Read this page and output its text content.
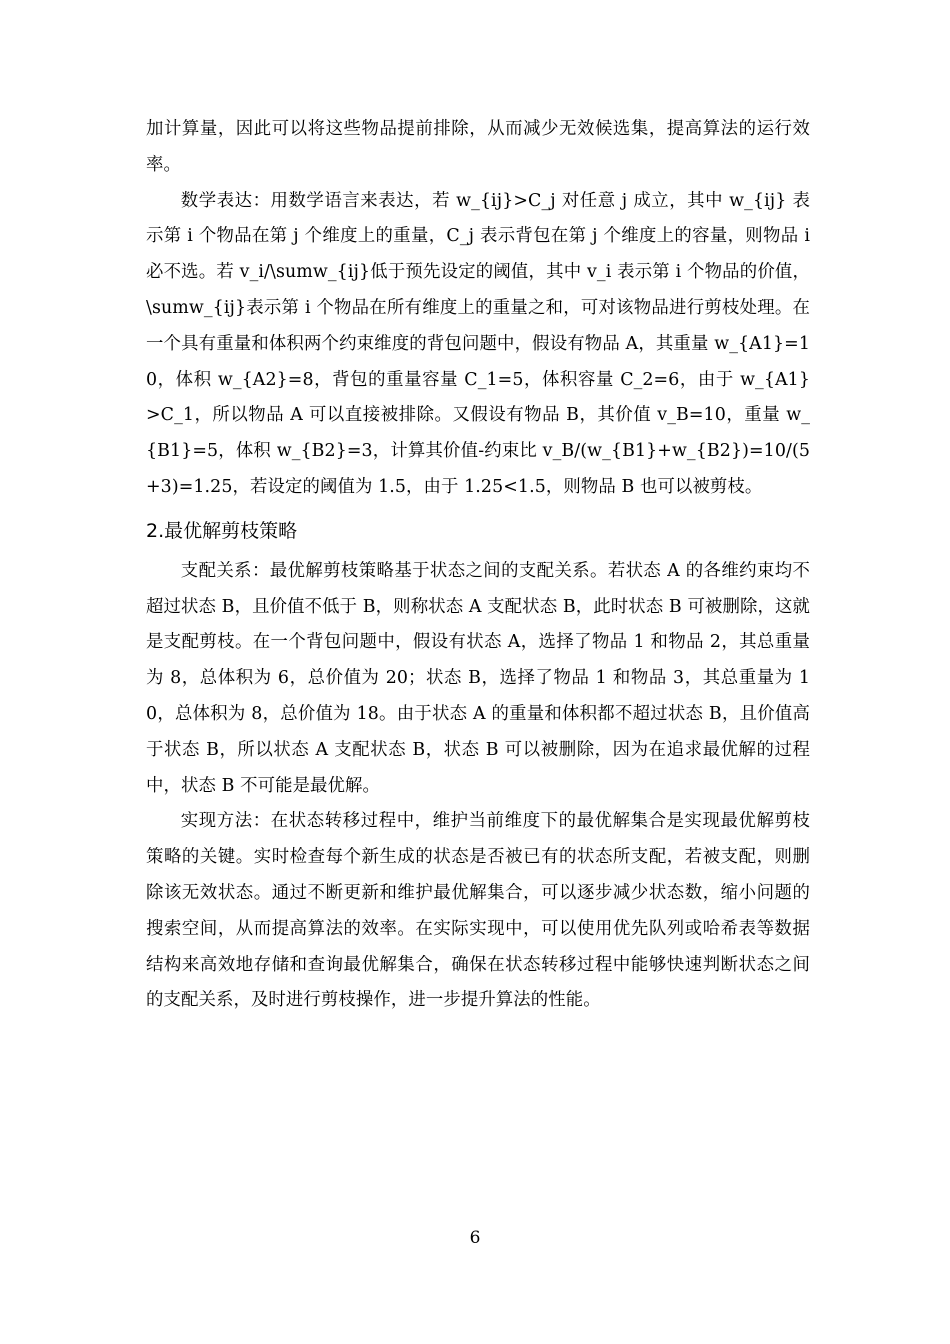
加计算量，因此可以将这些物品提前排除，从而减少无效候选集，提高算法的运行效率。

数学表达：用数学语言来表达，若 w_{ij}>C_j 对任意 j 成立，其中 w_{ij} 表示第 i 个物品在第 j 个维度上的重量，C_j 表示背包在第 j 个维度上的容量，则物品 i 必不选。若 v_i/\sumw_{ij}低于预先设定的阈值，其中 v_i 表示第 i 个物品的价值，\sumw_{ij}表示第 i 个物品在所有维度上的重量之和，可对该物品进行剪枝处理。在一个具有重量和体积两个约束维度的背包问题中，假设有物品 A，其重量 w_{A1}=10，体积 w_{A2}=8，背包的重量容量 C_1=5，体积容量 C_2=6，由于 w_{A1}>C_1，所以物品 A 可以直接被排除。又假设有物品 B，其价值 v_B=10，重量 w_{B1}=5，体积 w_{B2}=3，计算其价值-约束比 v_B/(w_{B1}+w_{B2})=10/(5+3)=1.25，若设定的阈值为 1.5，由于 1.25<1.5，则物品 B 也可以被剪枝。

2.最优解剪枝策略

支配关系：最优解剪枝策略基于状态之间的支配关系。若状态 A 的各维约束均不超过状态 B，且价值不低于 B，则称状态 A 支配状态 B，此时状态 B 可被删除，这就是支配剪枝。在一个背包问题中，假设有状态 A，选择了物品 1 和物品 2，其总重量为 8，总体积为 6，总价值为 20；状态 B，选择了物品 1 和物品 3，其总重量为 10，总体积为 8，总价值为 18。由于状态 A 的重量和体积都不超过状态 B，且价值高于状态 B，所以状态 A 支配状态 B，状态 B 可以被删除，因为在追求最优解的过程中，状态 B 不可能是最优解。

实现方法：在状态转移过程中，维护当前维度下的最优解集合是实现最优解剪枝策略的关键。实时检查每个新生成的状态是否被已有的状态所支配，若被支配，则删除该无效状态。通过不断更新和维护最优解集合，可以逐步减少状态数，缩小问题的搜索空间，从而提高算法的效率。在实际实现中，可以使用优先队列或哈希表等数据结构来高效地存储和查询最优解集合，确保在状态转移过程中能够快速判断状态之间的支配关系，及时进行剪枝操作，进一步提升算法的性能。

6
